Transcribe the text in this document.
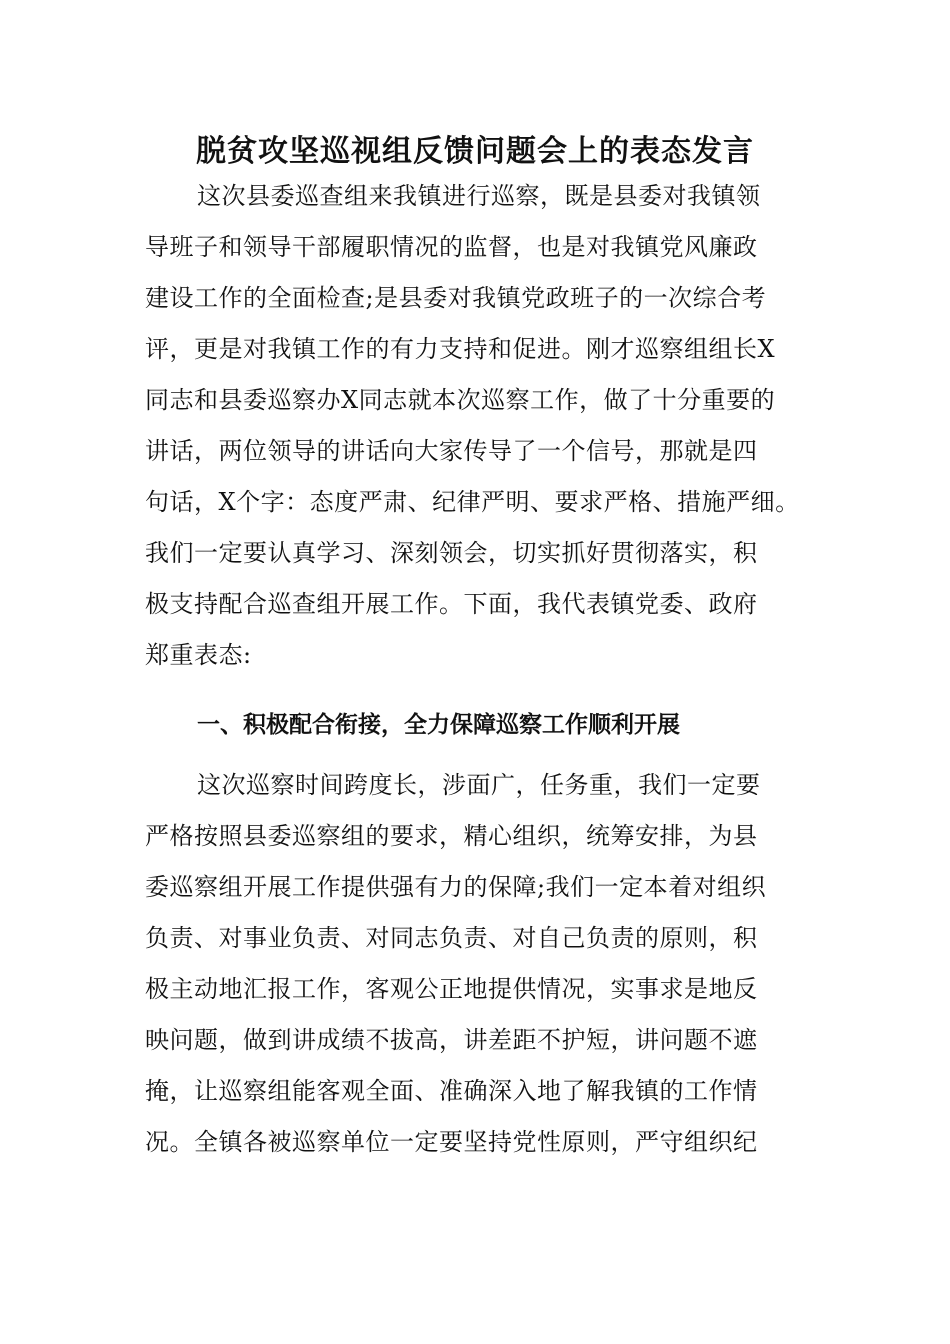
脱贫攻坚巡视组反馈问题会上的表态发言
这次县委巡查组来我镇进行巡察，既是县委对我镇领
导班子和领导干部履职情况的监督，也是对我镇党风廉政
建设工作的全面检查;是县委对我镇党政班子的一次综合考
评，更是对我镇工作的有力支持和促进。刚才巡察组组长X
同志和县委巡察办X同志就本次巡察工作，做了十分重要的
讲话，两位领导的讲话向大家传导了一个信号，那就是四
句话，X个字：态度严肃、纪律严明、要求严格、措施严细。
我们一定要认真学习、深刻领会，切实抓好贯彻落实，积
极支持配合巡查组开展工作。下面，我代表镇党委、政府
郑重表态:
一、积极配合衔接，全力保障巡察工作顺利开展
这次巡察时间跨度长，涉面广，任务重，我们一定要
严格按照县委巡察组的要求，精心组织，统筹安排，为县
委巡察组开展工作提供强有力的保障;我们一定本着对组织
负责、对事业负责、对同志负责、对自己负责的原则，积
极主动地汇报工作，客观公正地提供情况，实事求是地反
映问题，做到讲成绩不拔高，讲差距不护短，讲问题不遮
掩，让巡察组能客观全面、准确深入地了解我镇的工作情
况。全镇各被巡察单位一定要坚持党性原则，严守组织纪
